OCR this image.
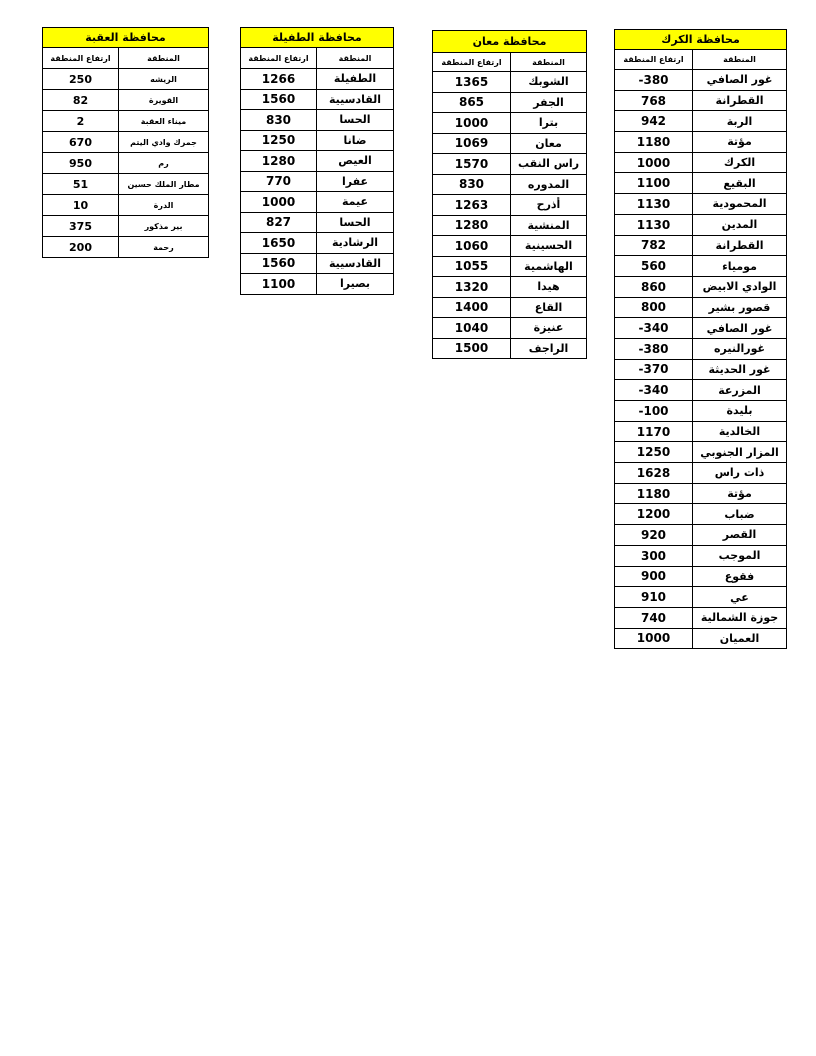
محافظة العقبة	
ارتفاع المنطقة	المنطقة
250	الريشه
82	القويرة
2	ميناء العقبة
670	جمرك وادي اليتم
950	رم
51	مطار الملك حسين
10	الدرة
375	بير مذكور
200	رحمة
محافظة الطفيلة	
ارتفاع المنطقة	المنطقة
1266	الطفيلة
1560	القادسيية
830	الحسا
1250	ضانا
1280	العيص
770	عفرا
1000	عيمة
827	الحسا
1650	الرشادية
1560	القادسيية
1100	بصيرا
محافظة معان	
ارتفاع المنطقة	المنطقة
1365	الشوبك
865	الجفر
1000	بترا
1069	معان
1570	راس النقب
830	المدوره
1263	أذرح
1280	المنشية
1060	الحسينية
1055	الهاشمية
1320	هيدا
1400	القاع
1040	عنيزة
1500	الراجف
محافظة الكرك	
ارتفاع المنطقة	المنطقة
-380	غور الصافي
768	القطرانة
942	الربة
1180	مؤتة
1000	الكرك
1100	البقيع
1130	المحمودية
1130	المدين
782	القطرانة
560	مومياء
860	الوادي الابيض
800	قصور بشير
-340	غور الصافي
-380	غورالنيره
-370	غور الحديثة
-340	المزرعة
-100	بليدة
1170	الخالدية
1250	المزار الجنوبي
1628	ذات راس
1180	مؤتة
1200	ضباب
920	القصر
300	الموجب
900	فقوع
910	عي
740	جوزة الشمالية
1000	العميان
